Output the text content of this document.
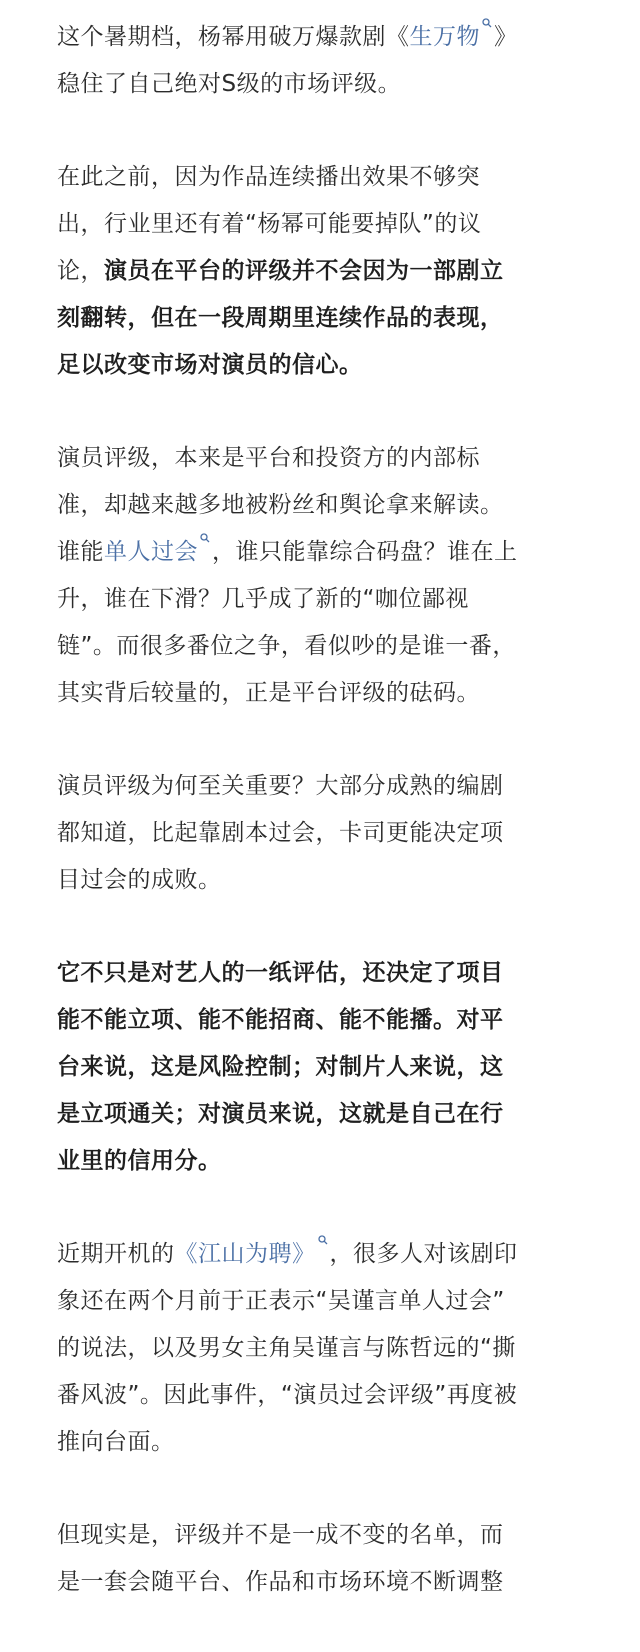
这个暑期档，杨幂用破万爆款剧《生万物 》
稳住了自己绝对S级的市场评级。

在此之前，因为作品连续播出效果不够突
出，行业里还有着“杨幂可能要掉队”的议
论，演员在平台的评级并不会因为一部剧立
刻翻转，但在一段周期里连续作品的表现，
足以改变市场对演员的信心。

演员评级，本来是平台和投资方的内部标
准，却越来越多地被粉丝和舆论拿来解读。
谁能单人过会 ，谁只能靠综合码盘？谁在上
升，谁在下滑？几乎成了新的“咖位鄙视
链”。而很多番位之争，看似吵的是谁一番，
其实背后较量的，正是平台评级的砝码。

演员评级为何至关重要？大部分成熟的编剧
都知道，比起靠剧本过会，卡司更能决定项
目过会的成败。

它不只是对艺人的一纸评估，还决定了项目
能不能立项、能不能招商、能不能播。对平
台来说，这是风险控制；对制片人来说，这
是立项通关；对演员来说，这就是自己在行
业里的信用分。

近期开机的《江山为聘》 ，很多人对该剧印
象还在两个月前于正表示“吴谨言单人过会”
的说法，以及男女主角吴谨言与陈哲远的“撕
番风波”。因此事件，“演员过会评级”再度被
推向台面。

但现实是，评级并不是一成不变的名单，而
是一套会随平台、作品和市场环境不断调整
